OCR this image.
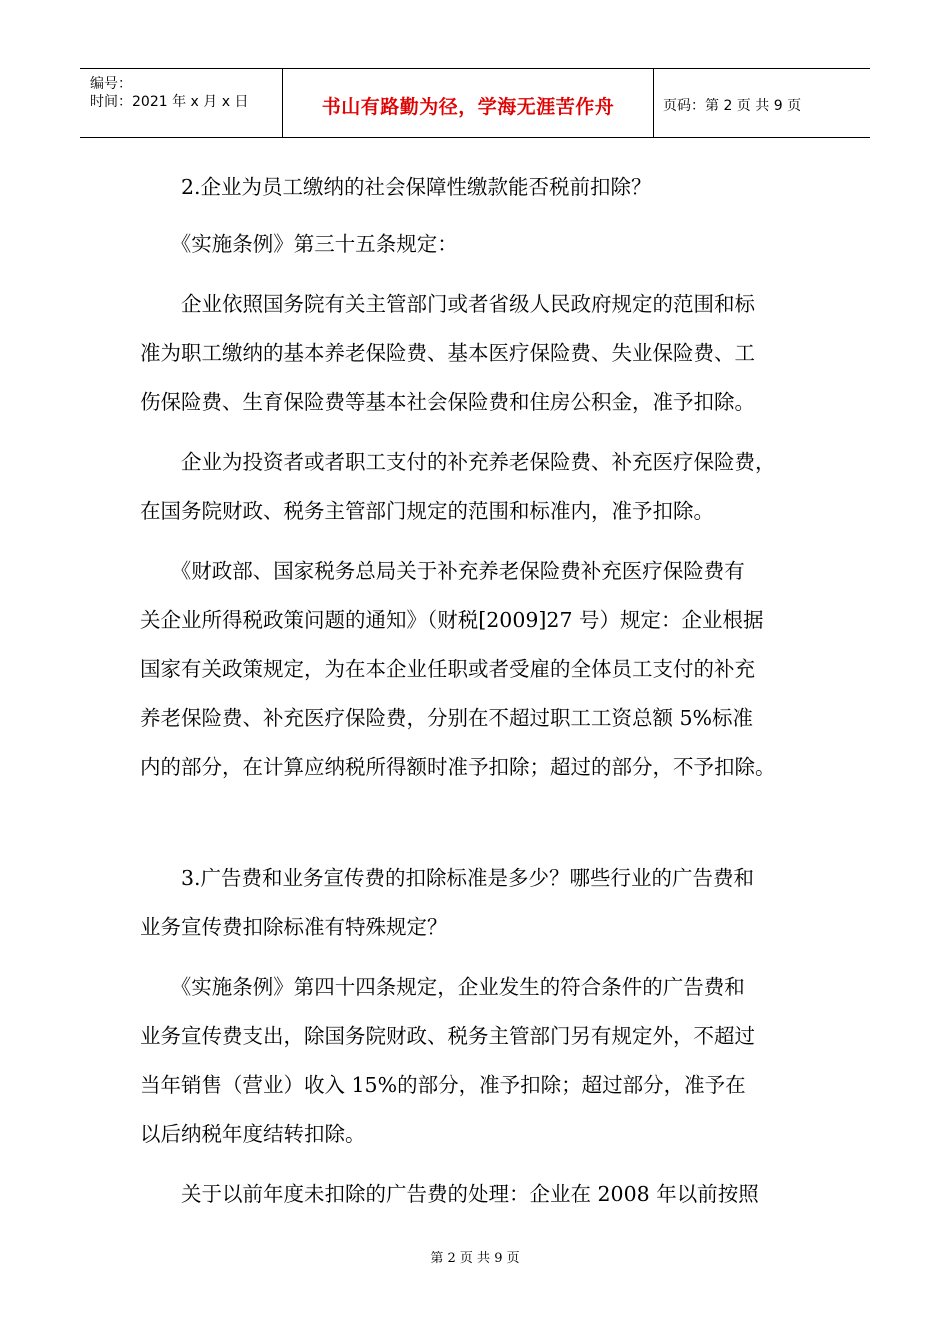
编号：
时间：2021 年 x 月 x 日	书山有路勤为径，学海无涯苦作舟	页码：第 2 页 共 9 页
　　2.企业为员工缴纳的社会保障性缴款能否税前扣除？
　　《实施条例》第三十五条规定：
　　企业依照国务院有关主管部门或者省级人民政府规定的范围和标
准为职工缴纳的基本养老保险费、基本医疗保险费、失业保险费、工
伤保险费、生育保险费等基本社会保险费和住房公积金，准予扣除。
　　企业为投资者或者职工支付的补充养老保险费、补充医疗保险费，
在国务院财政、税务主管部门规定的范围和标准内，准予扣除。
　　《财政部、国家税务总局关于补充养老保险费补充医疗保险费有
关企业所得税政策问题的通知》（财税[2009]27 号）规定：企业根据
国家有关政策规定，为在本企业任职或者受雇的全体员工支付的补充
养老保险费、补充医疗保险费，分别在不超过职工工资总额 5%标准
内的部分，在计算应纳税所得额时准予扣除；超过的部分，不予扣除。
　　3.广告费和业务宣传费的扣除标准是多少？哪些行业的广告费和
业务宣传费扣除标准有特殊规定？
　　《实施条例》第四十四条规定，企业发生的符合条件的广告费和
业务宣传费支出，除国务院财政、税务主管部门另有规定外，不超过
当年销售（营业）收入 15%的部分，准予扣除；超过部分，准予在
以后纳税年度结转扣除。
　　关于以前年度未扣除的广告费的处理：企业在 2008 年以前按照
第 2 页 共 9 页
